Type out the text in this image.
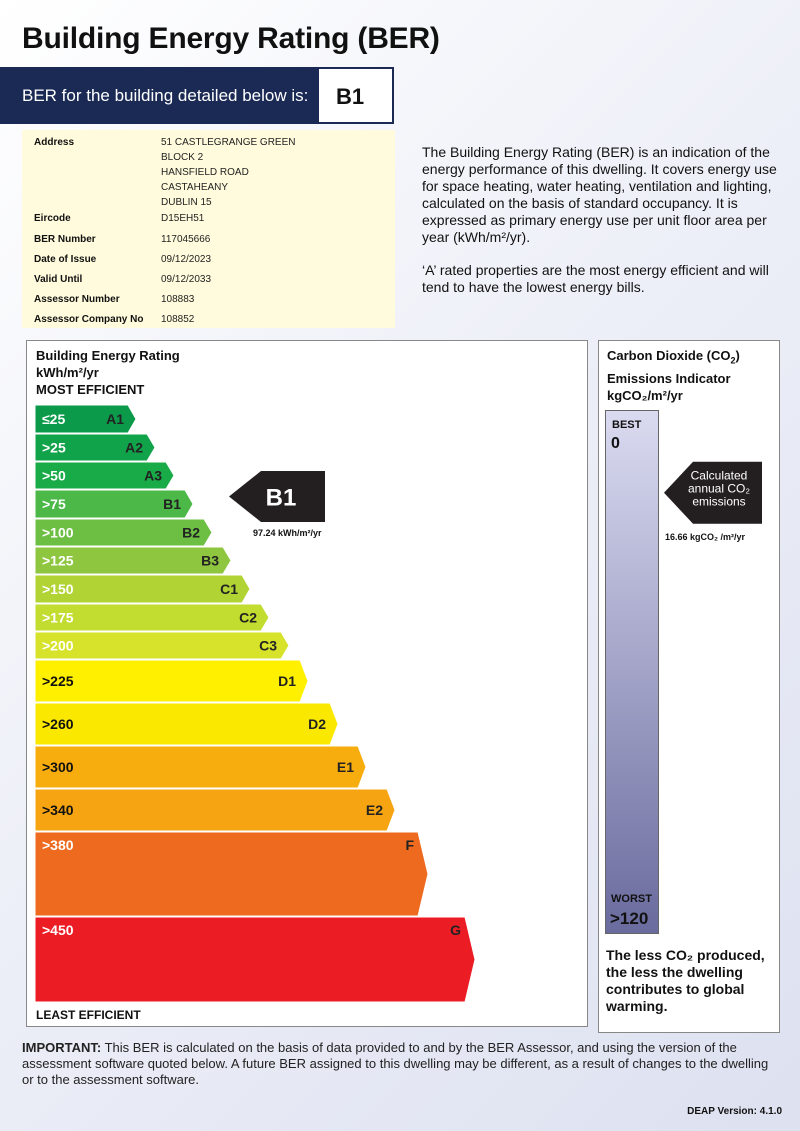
Building Energy Rating (BER)
BER for the building detailed below is: B1
Address	51 CASTLEGRANGE GREEN
BLOCK 2
HANSFIELD ROAD
CASTAHEANY
DUBLIN 15
Eircode	D15EH51
BER Number	117045666
Date of Issue	09/12/2023
Valid Until	09/12/2033
Assessor Number	108883
Assessor Company No 108852
The Building Energy Rating (BER) is an indication of the energy performance of this dwelling. It covers energy use for space heating, water heating, ventilation and lighting, calculated on the basis of standard occupancy. It is expressed as primary energy use per unit floor area per year (kWh/m²/yr).
‘A’ rated properties are the most energy efficient and will tend to have the lowest energy bills.
Building Energy Rating
kWh/m²/yr
MOST EFFICIENT
≤25	A1
>25	A2
>50	A3
>75	B1
>100	B2
>125	B3
>150	C1
>175	C2
>200	C3
>225	D1
>260	D2
>300	E1
>340	E2
>380	F
>450	G
B1
97.24 kWh/m²/yr
LEAST EFFICIENT
Carbon Dioxide $(CO_2)$
Emissions Indicator
kgCO₂/m²/yr
BEST
0
WORST
>120
Calculated
annual CO₂
emissions
16.66 kgCO₂ /m²/yr
The less CO₂ produced, the less the dwelling contributes to global warming.
IMPORTANT: This BER is calculated on the basis of data provided to and by the BER Assessor, and using the version of the assessment software quoted below. A future BER assigned to this dwelling may be different, as a result of changes to the dwelling or to the assessment software.
DEAP Version: 4.1.0
